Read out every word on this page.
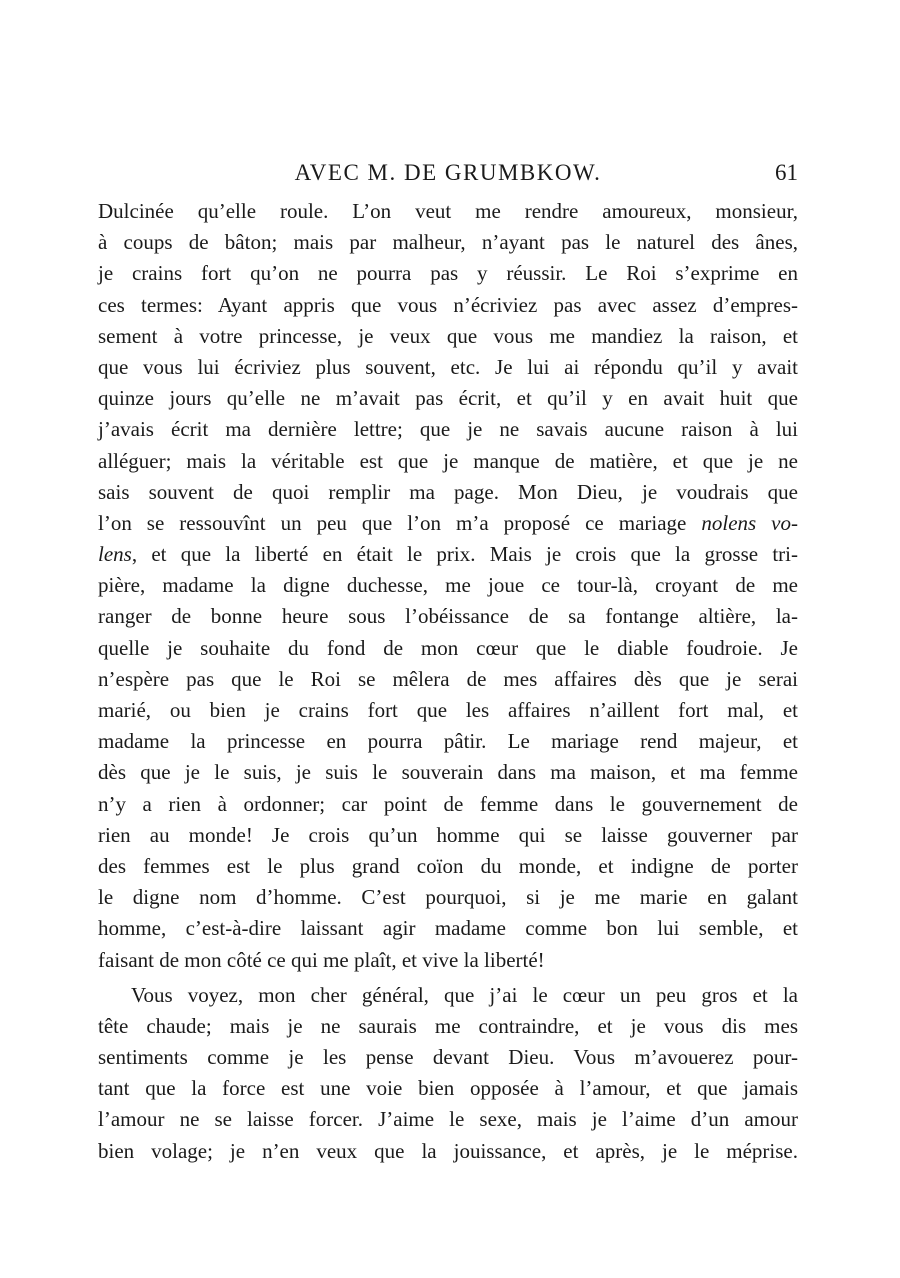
AVEC M. DE GRUMBKOW.	61
Dulcinée qu’elle roule. L’on veut me rendre amoureux, monsieur,
à coups de bâton; mais par malheur, n’ayant pas le naturel des ânes,
je crains fort qu’on ne pourra pas y réussir. Le Roi s’exprime en
ces termes: Ayant appris que vous n’écriviez pas avec assez d’empres-
sement à votre princesse, je veux que vous me mandiez la raison, et
que vous lui écriviez plus souvent, etc. Je lui ai répondu qu’il y avait
quinze jours qu’elle ne m’avait pas écrit, et qu’il y en avait huit que
j’avais écrit ma dernière lettre; que je ne savais aucune raison à lui
alléguer; mais la véritable est que je manque de matière, et que je ne
sais souvent de quoi remplir ma page. Mon Dieu, je voudrais que
l’on se ressouvînt un peu que l’on m’a proposé ce mariage nolens vo-
lens, et que la liberté en était le prix. Mais je crois que la grosse tri-
pière, madame la digne duchesse, me joue ce tour-là, croyant de me
ranger de bonne heure sous l’obéissance de sa fontange altière, la-
quelle je souhaite du fond de mon cœur que le diable foudroie. Je
n’espère pas que le Roi se mêlera de mes affaires dès que je serai
marié, ou bien je crains fort que les affaires n’aillent fort mal, et
madame la princesse en pourra pâtir. Le mariage rend majeur, et
dès que je le suis, je suis le souverain dans ma maison, et ma femme
n’y a rien à ordonner; car point de femme dans le gouvernement de
rien au monde! Je crois qu’un homme qui se laisse gouverner par
des femmes est le plus grand coïon du monde, et indigne de porter
le digne nom d’homme. C’est pourquoi, si je me marie en galant
homme, c’est-à-dire laissant agir madame comme bon lui semble, et
faisant de mon côté ce qui me plaît, et vive la liberté!
Vous voyez, mon cher général, que j’ai le cœur un peu gros et la
tête chaude; mais je ne saurais me contraindre, et je vous dis mes
sentiments comme je les pense devant Dieu. Vous m’avouerez pour-
tant que la force est une voie bien opposée à l’amour, et que jamais
l’amour ne se laisse forcer. J’aime le sexe, mais je l’aime d’un amour
bien volage; je n’en veux que la jouissance, et après, je le méprise.
